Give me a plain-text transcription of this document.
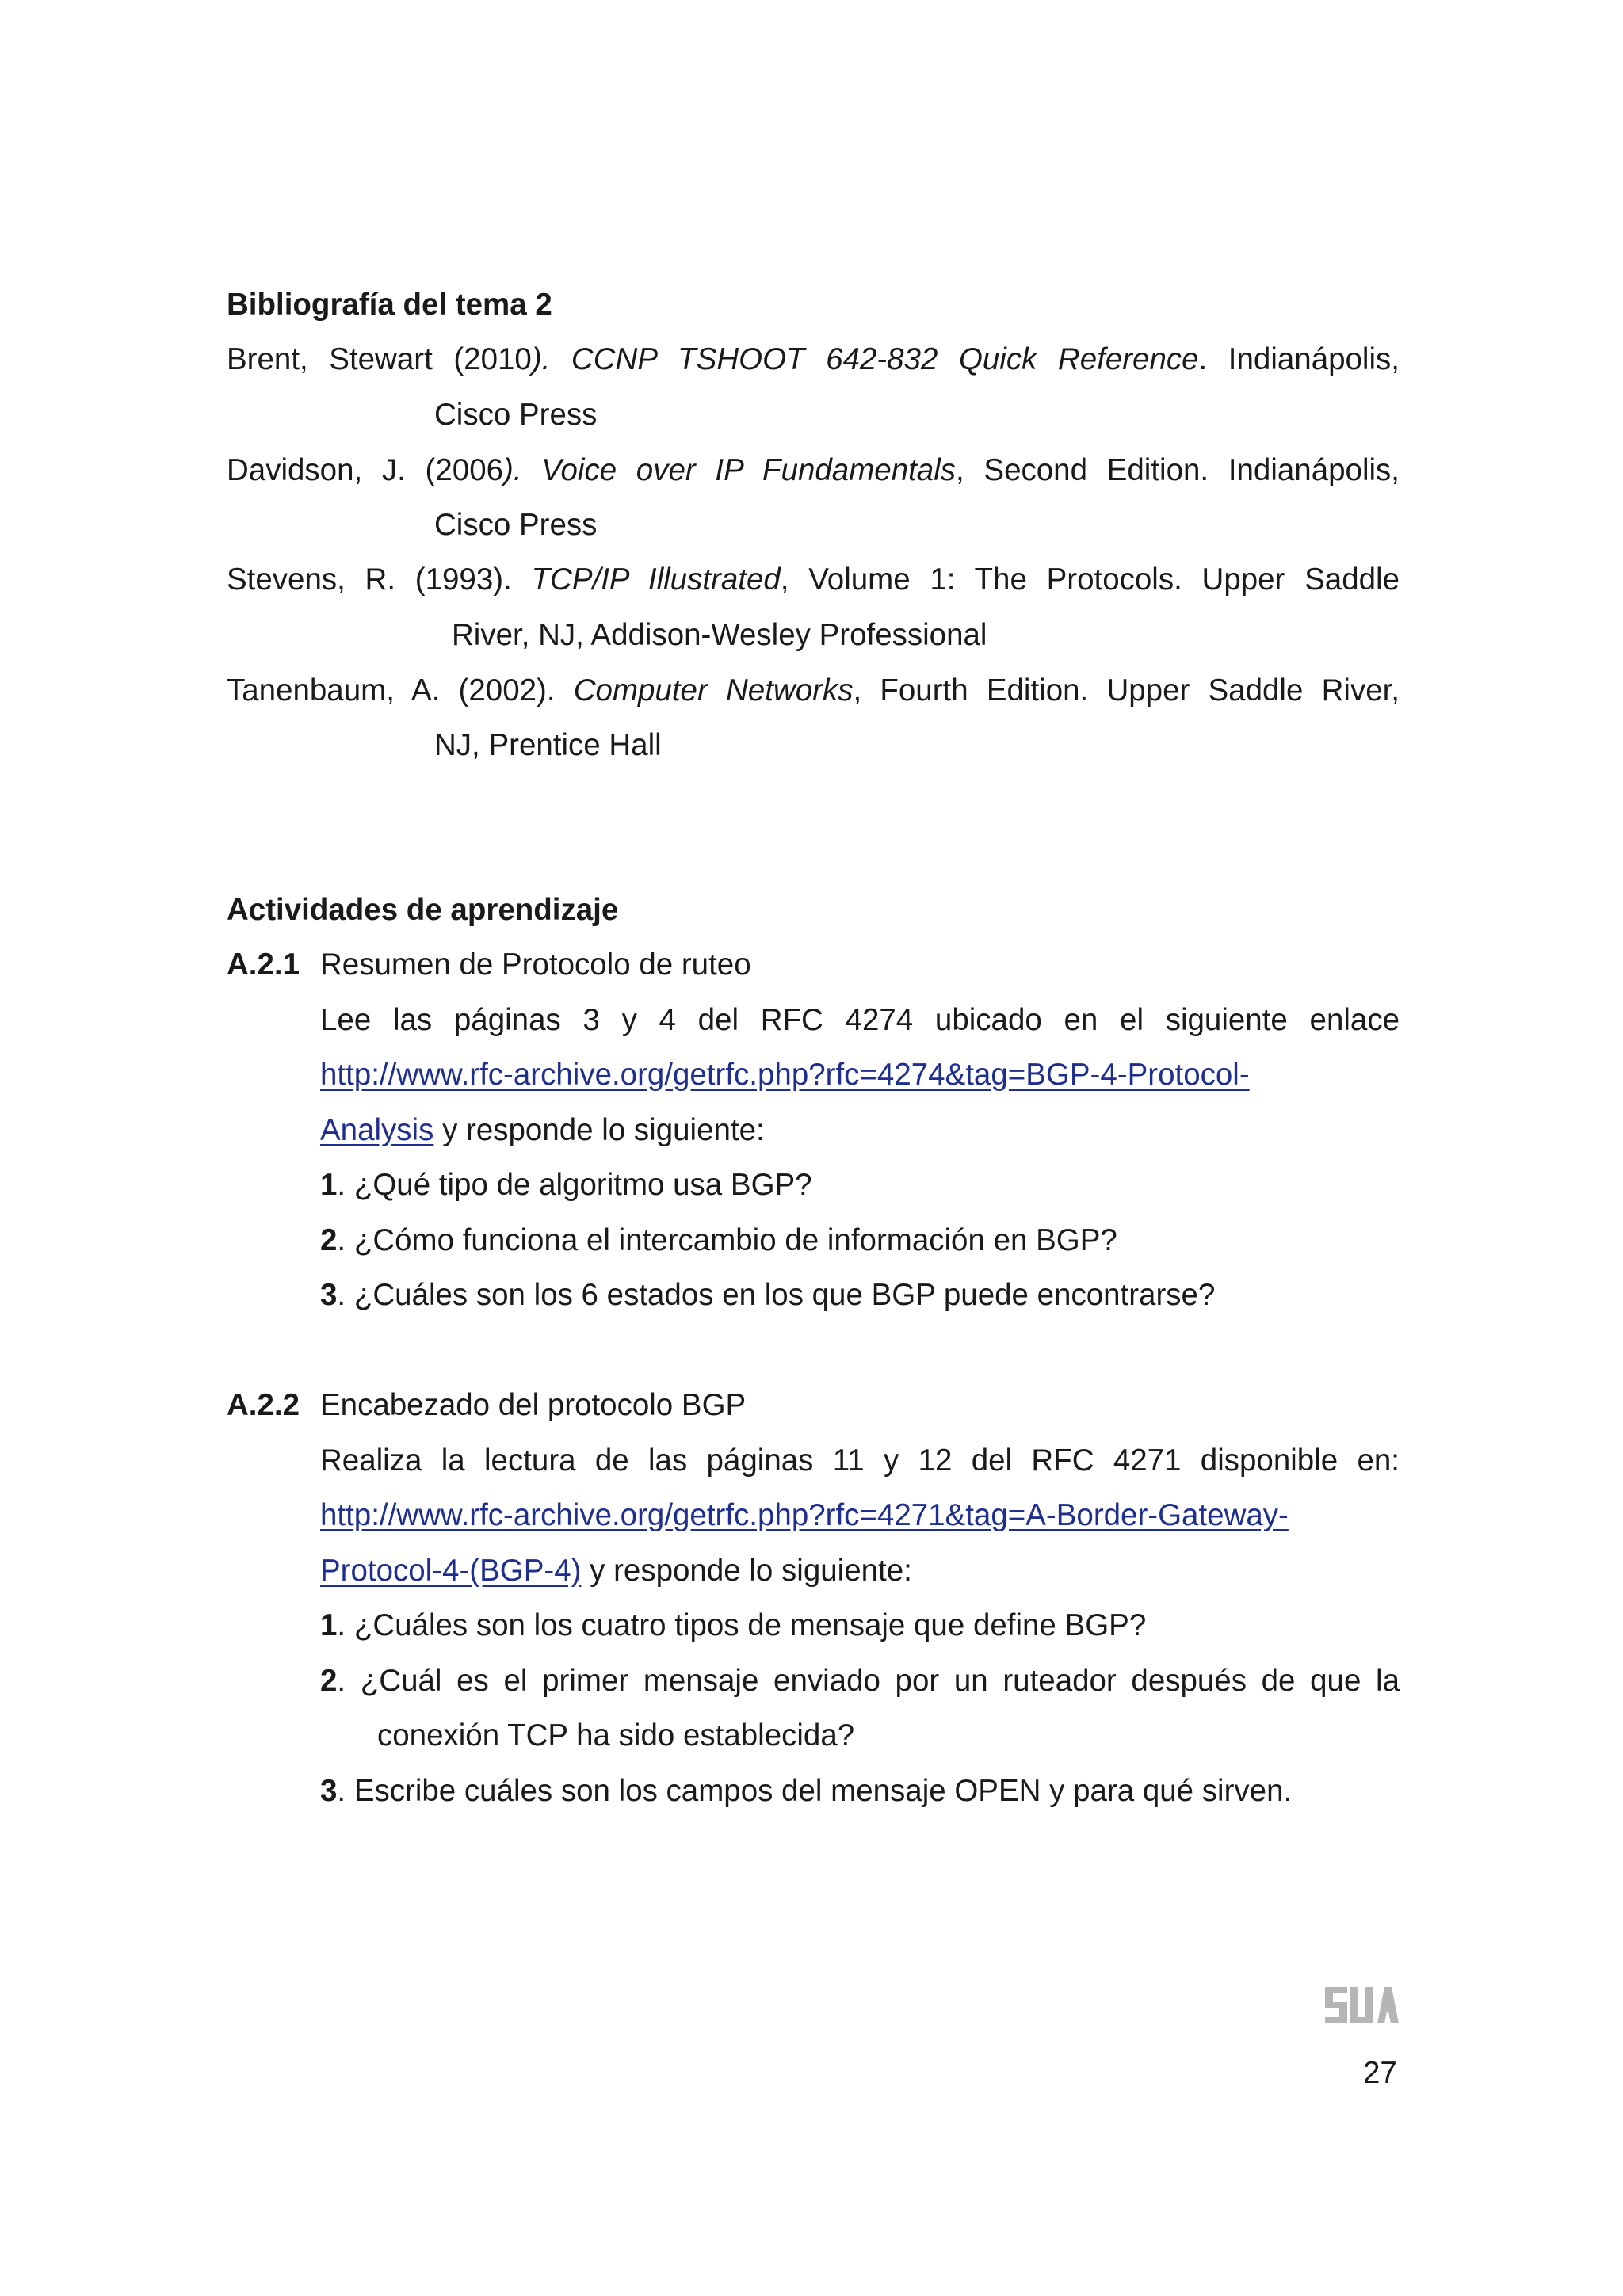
Bibliografía del tema 2
Brent, Stewart (2010). CCNP TSHOOT 642-832 Quick Reference. Indianápolis,
Cisco Press
Davidson, J. (2006). Voice over IP Fundamentals, Second Edition. Indianápolis,
Cisco Press
Stevens, R. (1993). TCP/IP Illustrated, Volume 1: The Protocols. Upper Saddle
River, NJ, Addison-Wesley Professional
Tanenbaum, A. (2002). Computer Networks, Fourth Edition. Upper Saddle River,
NJ, Prentice Hall
Actividades de aprendizaje
A.2.1 Resumen de Protocolo de ruteo
Lee las páginas 3 y 4 del RFC 4274 ubicado en el siguiente enlace
http://www.rfc-archive.org/getrfc.php?rfc=4274&tag=BGP-4-Protocol-
Analysis y responde lo siguiente:
1. ¿Qué tipo de algoritmo usa BGP?
2. ¿Cómo funciona el intercambio de información en BGP?
3. ¿Cuáles son los 6 estados en los que BGP puede encontrarse?
A.2.2 Encabezado del protocolo BGP
Realiza la lectura de las páginas 11 y 12 del RFC 4271 disponible en:
http://www.rfc-archive.org/getrfc.php?rfc=4271&tag=A-Border-Gateway-
Protocol-4-(BGP-4) y responde lo siguiente:
1. ¿Cuáles son los cuatro tipos de mensaje que define BGP?
2. ¿Cuál es el primer mensaje enviado por un ruteador después de que la
conexión TCP ha sido establecida?
3. Escribe cuáles son los campos del mensaje OPEN y para qué sirven.
27
